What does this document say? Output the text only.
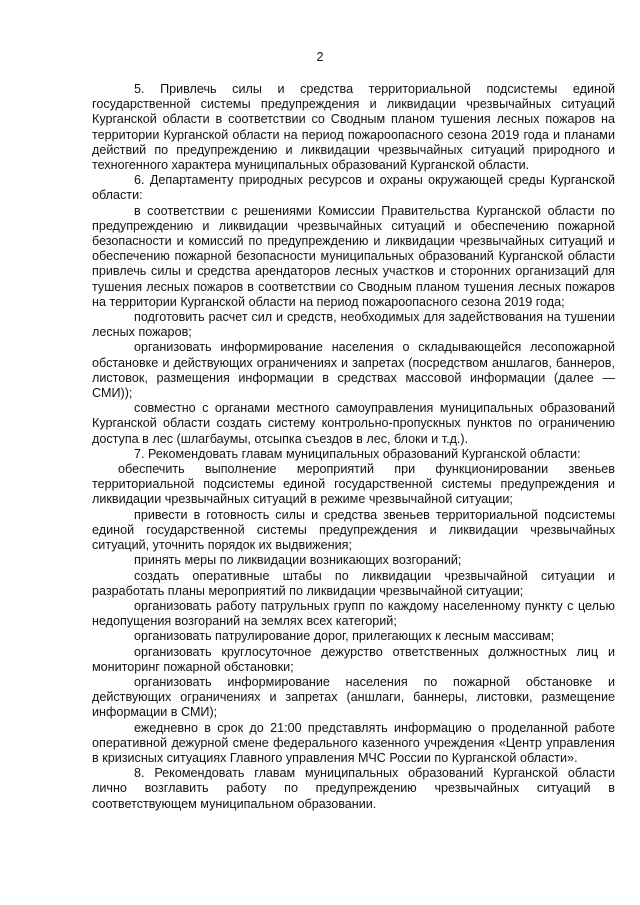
2

5. Привлечь силы и средства территориальной подсистемы единой государственной системы предупреждения и ликвидации чрезвычайных ситуаций Курганской области в соответствии со Сводным планом тушения лесных пожаров на территории Курганской области на период пожароопасного сезона 2019 года и планами действий по предупреждению и ликвидации чрезвычайных ситуаций природного и техногенного характера муниципальных образований Курганской области.

6. Департаменту природных ресурсов и охраны окружающей среды Курганской области:

в соответствии с решениями Комиссии Правительства Курганской области по предупреждению и ликвидации чрезвычайных ситуаций и обеспечению пожарной безопасности и комиссий по предупреждению и ликвидации чрезвычайных ситуаций и обеспечению пожарной безопасности муниципальных образований Курганской области привлечь силы и средства арендаторов лесных участков и сторонних организаций для тушения лесных пожаров в соответствии со Сводным планом тушения лесных пожаров на территории Курганской области на период пожароопасного сезона 2019 года;

подготовить расчет сил и средств, необходимых для задействования на тушении лесных пожаров;

организовать информирование населения о складывающейся лесопожарной обстановке и действующих ограничениях и запретах (посредством аншлагов, баннеров, листовок, размещения информации в средствах массовой информации (далее — СМИ));

совместно с органами местного самоуправления муниципальных образований Курганской области создать систему контрольно-пропускных пунктов по ограничению доступа в лес (шлагбаумы, отсыпка съездов в лес, блоки и т.д.).

7. Рекомендовать главам муниципальных образований Курганской области:

обеспечить выполнение мероприятий при функционировании звеньев территориальной подсистемы единой государственной системы предупреждения и ликвидации чрезвычайных ситуаций в режиме чрезвычайной ситуации;

привести в готовность силы и средства звеньев территориальной подсистемы единой государственной системы предупреждения и ликвидации чрезвычайных ситуаций, уточнить порядок их выдвижения;

принять меры по ликвидации возникающих возгораний;

создать оперативные штабы по ликвидации чрезвычайной ситуации и разработать планы мероприятий по ликвидации чрезвычайной ситуации;

организовать работу патрульных групп по каждому населенному пункту с целью недопущения возгораний на землях всех категорий;

организовать патрулирование дорог, прилегающих к лесным массивам;

организовать круглосуточное дежурство ответственных должностных лиц и мониторинг пожарной обстановки;

организовать информирование населения по пожарной обстановке и действующих ограничениях и запретах (аншлаги, баннеры, листовки, размещение информации в СМИ);

ежедневно в срок до 21:00 представлять информацию о проделанной работе оперативной дежурной смене федерального казенного учреждения «Центр управления в кризисных ситуациях Главного управления МЧС России по Курганской области».

8. Рекомендовать главам муниципальных образований Курганской области лично возглавить работу по предупреждению чрезвычайных ситуаций в соответствующем муниципальном образовании.
